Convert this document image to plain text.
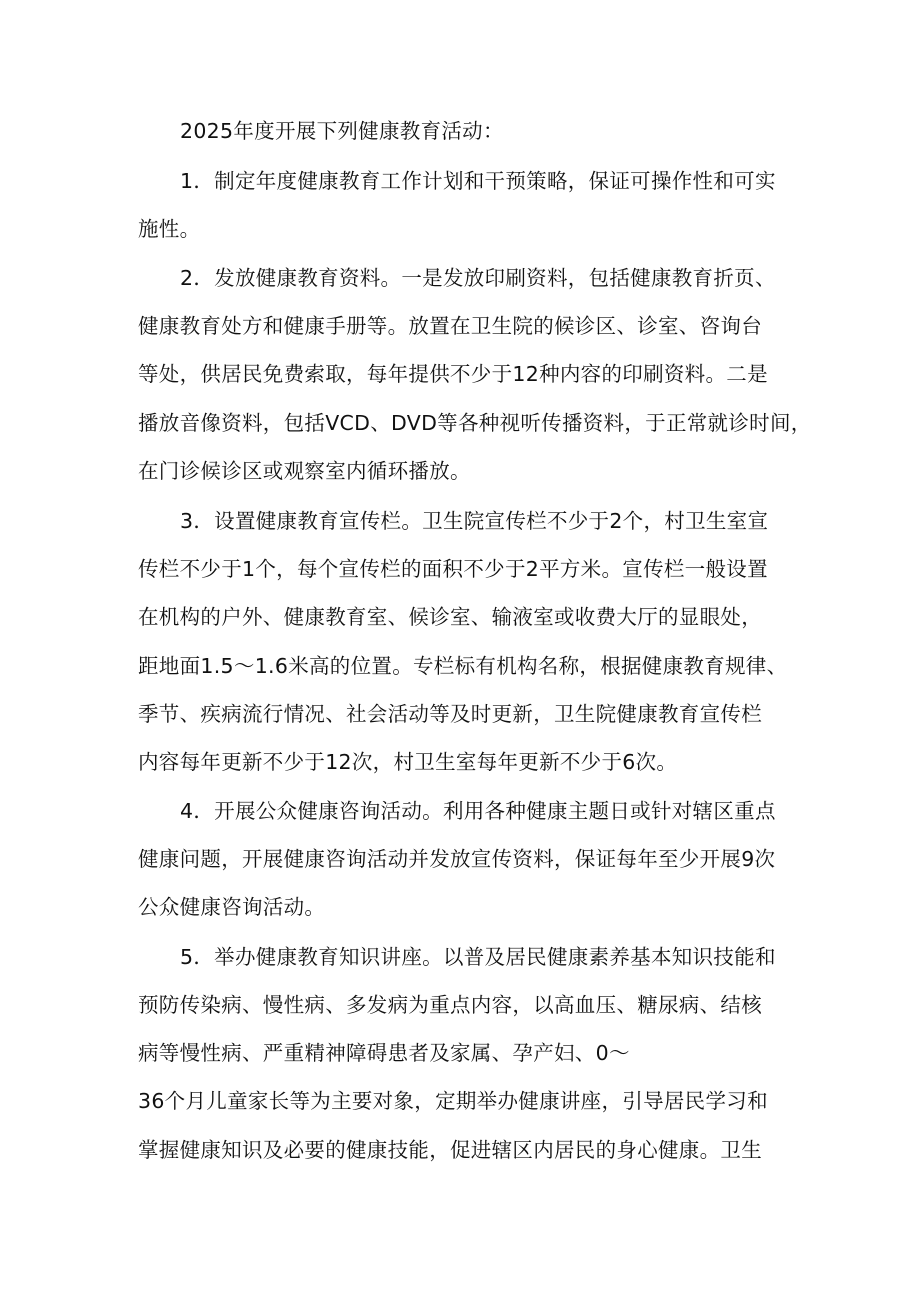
2025年度开展下列健康教育活动：
1．制定年度健康教育工作计划和干预策略，保证可操作性和可实
施性。
2．发放健康教育资料。一是发放印刷资料，包括健康教育折页、
健康教育处方和健康手册等。放置在卫生院的候诊区、诊室、咨询台
等处，供居民免费索取，每年提供不少于12种内容的印刷资料。二是
播放音像资料，包括VCD、DVD等各种视听传播资料，于正常就诊时间，
在门诊候诊区或观察室内循环播放。
3．设置健康教育宣传栏。卫生院宣传栏不少于2个，村卫生室宣
传栏不少于1个，每个宣传栏的面积不少于2平方米。宣传栏一般设置
在机构的户外、健康教育室、候诊室、输液室或收费大厅的显眼处，
距地面1.5～1.6米高的位置。专栏标有机构名称，根据健康教育规律、
季节、疾病流行情况、社会活动等及时更新，卫生院健康教育宣传栏
内容每年更新不少于12次，村卫生室每年更新不少于6次。
4．开展公众健康咨询活动。利用各种健康主题日或针对辖区重点
健康问题，开展健康咨询活动并发放宣传资料，保证每年至少开展9次
公众健康咨询活动。
5．举办健康教育知识讲座。以普及居民健康素养基本知识技能和
预防传染病、慢性病、多发病为重点内容，以高血压、糖尿病、结核
病等慢性病、严重精神障碍患者及家属、孕产妇、0～
36个月儿童家长等为主要对象，定期举办健康讲座，引导居民学习和
掌握健康知识及必要的健康技能，促进辖区内居民的身心健康。卫生
